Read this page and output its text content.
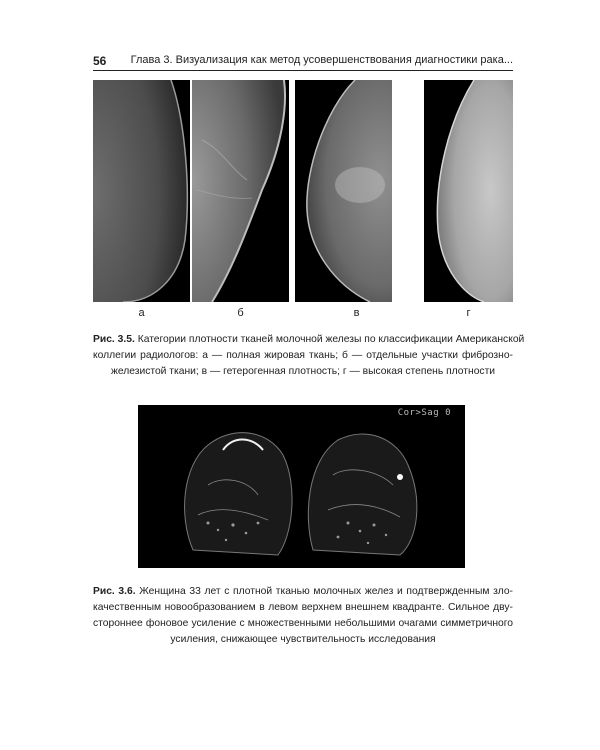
56 Глава 3. Визуализация как метод усовершенствования диагностики рака...
а	б	в	г
Рис. 3.5. Категории плотности тканей молочной железы по классификации Американской
коллегии радиологов: а — полная жировая ткань; б — отдельные участки фиброзно-
железистой ткани; в — гетерогенная плотность; г — высокая степень плотности
Cor>Sag 0
Рис. 3.6. Женщина 33 лет с плотной тканью молочных желез и подтвержденным зло-
качественным новообразованием в левом верхнем внешнем квадранте. Сильное дву-
стороннее фоновое усиление с множественными небольшими очагами симметричного
усиления, снижающее чувствительность исследования
